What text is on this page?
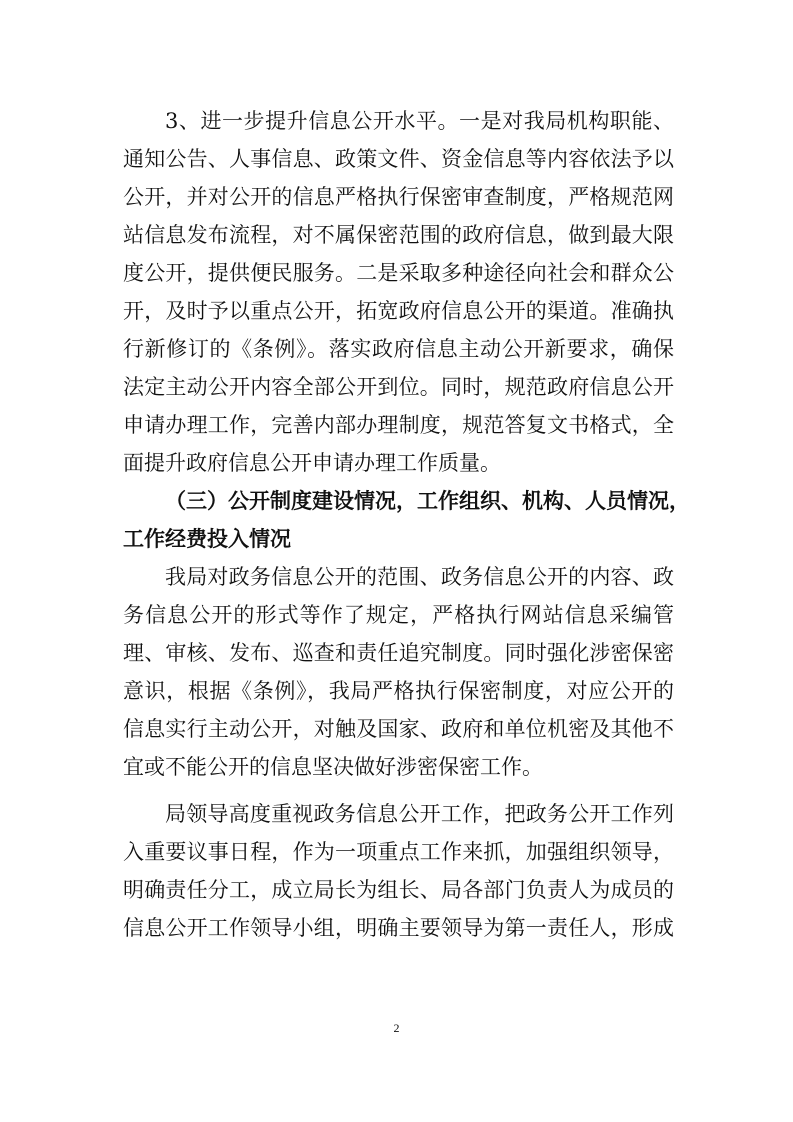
3、进一步提升信息公开水平。一是对我局机构职能、
通知公告、人事信息、政策文件、资金信息等内容依法予以
公开，并对公开的信息严格执行保密审查制度，严格规范网
站信息发布流程，对不属保密范围的政府信息，做到最大限
度公开，提供便民服务。二是采取多种途径向社会和群众公
开，及时予以重点公开，拓宽政府信息公开的渠道。准确执
行新修订的《条例》。落实政府信息主动公开新要求，确保
法定主动公开内容全部公开到位。同时，规范政府信息公开
申请办理工作，完善内部办理制度，规范答复文书格式，全
面提升政府信息公开申请办理工作质量。
（三）公开制度建设情况，工作组织、机构、人员情况，
工作经费投入情况
我局对政务信息公开的范围、政务信息公开的内容、政
务信息公开的形式等作了规定，严格执行网站信息采编管
理、审核、发布、巡查和责任追究制度。同时强化涉密保密
意识，根据《条例》，我局严格执行保密制度，对应公开的
信息实行主动公开，对触及国家、政府和单位机密及其他不
宜或不能公开的信息坚决做好涉密保密工作。
局领导高度重视政务信息公开工作，把政务公开工作列
入重要议事日程，作为一项重点工作来抓，加强组织领导，
明确责任分工，成立局长为组长、局各部门负责人为成员的
信息公开工作领导小组，明确主要领导为第一责任人，形成
2
